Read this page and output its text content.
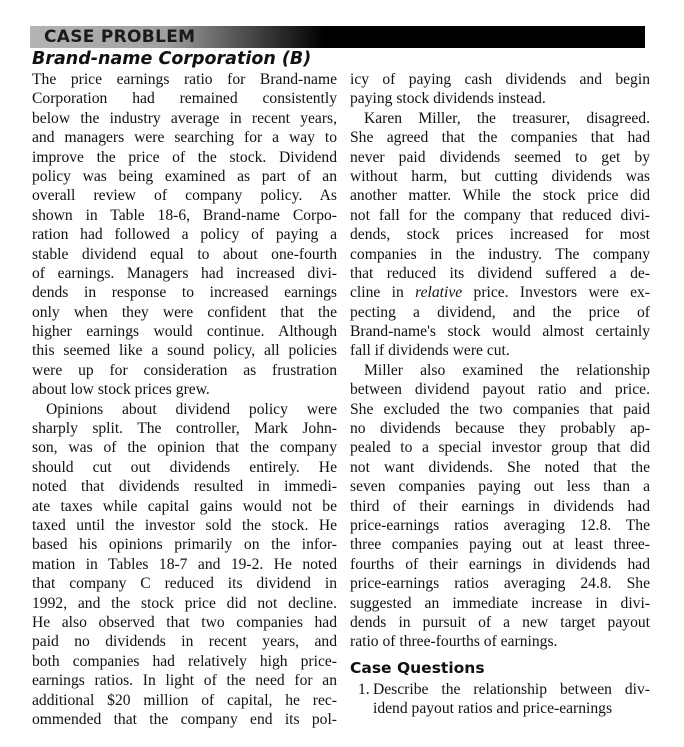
CASE PROBLEM
Brand-name Corporation (B)
The price earnings ratio for Brand-name
Corporation had remained consistently
below the industry average in recent years,
and managers were searching for a way to
improve the price of the stock. Dividend
policy was being examined as part of an
overall review of company policy. As
shown in Table 18-6, Brand-name Corpo-
ration had followed a policy of paying a
stable dividend equal to about one-fourth
of earnings. Managers had increased divi-
dends in response to increased earnings
only when they were confident that the
higher earnings would continue. Although
this seemed like a sound policy, all policies
were up for consideration as frustration
about low stock prices grew.
Opinions about dividend policy were
sharply split. The controller, Mark John-
son, was of the opinion that the company
should cut out dividends entirely. He
noted that dividends resulted in immedi-
ate taxes while capital gains would not be
taxed until the investor sold the stock. He
based his opinions primarily on the infor-
mation in Tables 18-7 and 19-2. He noted
that company C reduced its dividend in
1992, and the stock price did not decline.
He also observed that two companies had
paid no dividends in recent years, and
both companies had relatively high price-
earnings ratios. In light of the need for an
additional $20 million of capital, he rec-
ommended that the company end its pol-
icy of paying cash dividends and begin
paying stock dividends instead.
Karen Miller, the treasurer, disagreed.
She agreed that the companies that had
never paid dividends seemed to get by
without harm, but cutting dividends was
another matter. While the stock price did
not fall for the company that reduced divi-
dends, stock prices increased for most
companies in the industry. The company
that reduced its dividend suffered a de-
cline in relative price. Investors were ex-
pecting a dividend, and the price of
Brand-name's stock would almost certainly
fall if dividends were cut.
Miller also examined the relationship
between dividend payout ratio and price.
She excluded the two companies that paid
no dividends because they probably ap-
pealed to a special investor group that did
not want dividends. She noted that the
seven companies paying out less than a
third of their earnings in dividends had
price-earnings ratios averaging 12.8. The
three companies paying out at least three-
fourths of their earnings in dividends had
price-earnings ratios averaging 24.8. She
suggested an immediate increase in divi-
dends in pursuit of a new target payout
ratio of three-fourths of earnings.
Case Questions
1. Describe the relationship between div-
idend payout ratios and price-earnings
